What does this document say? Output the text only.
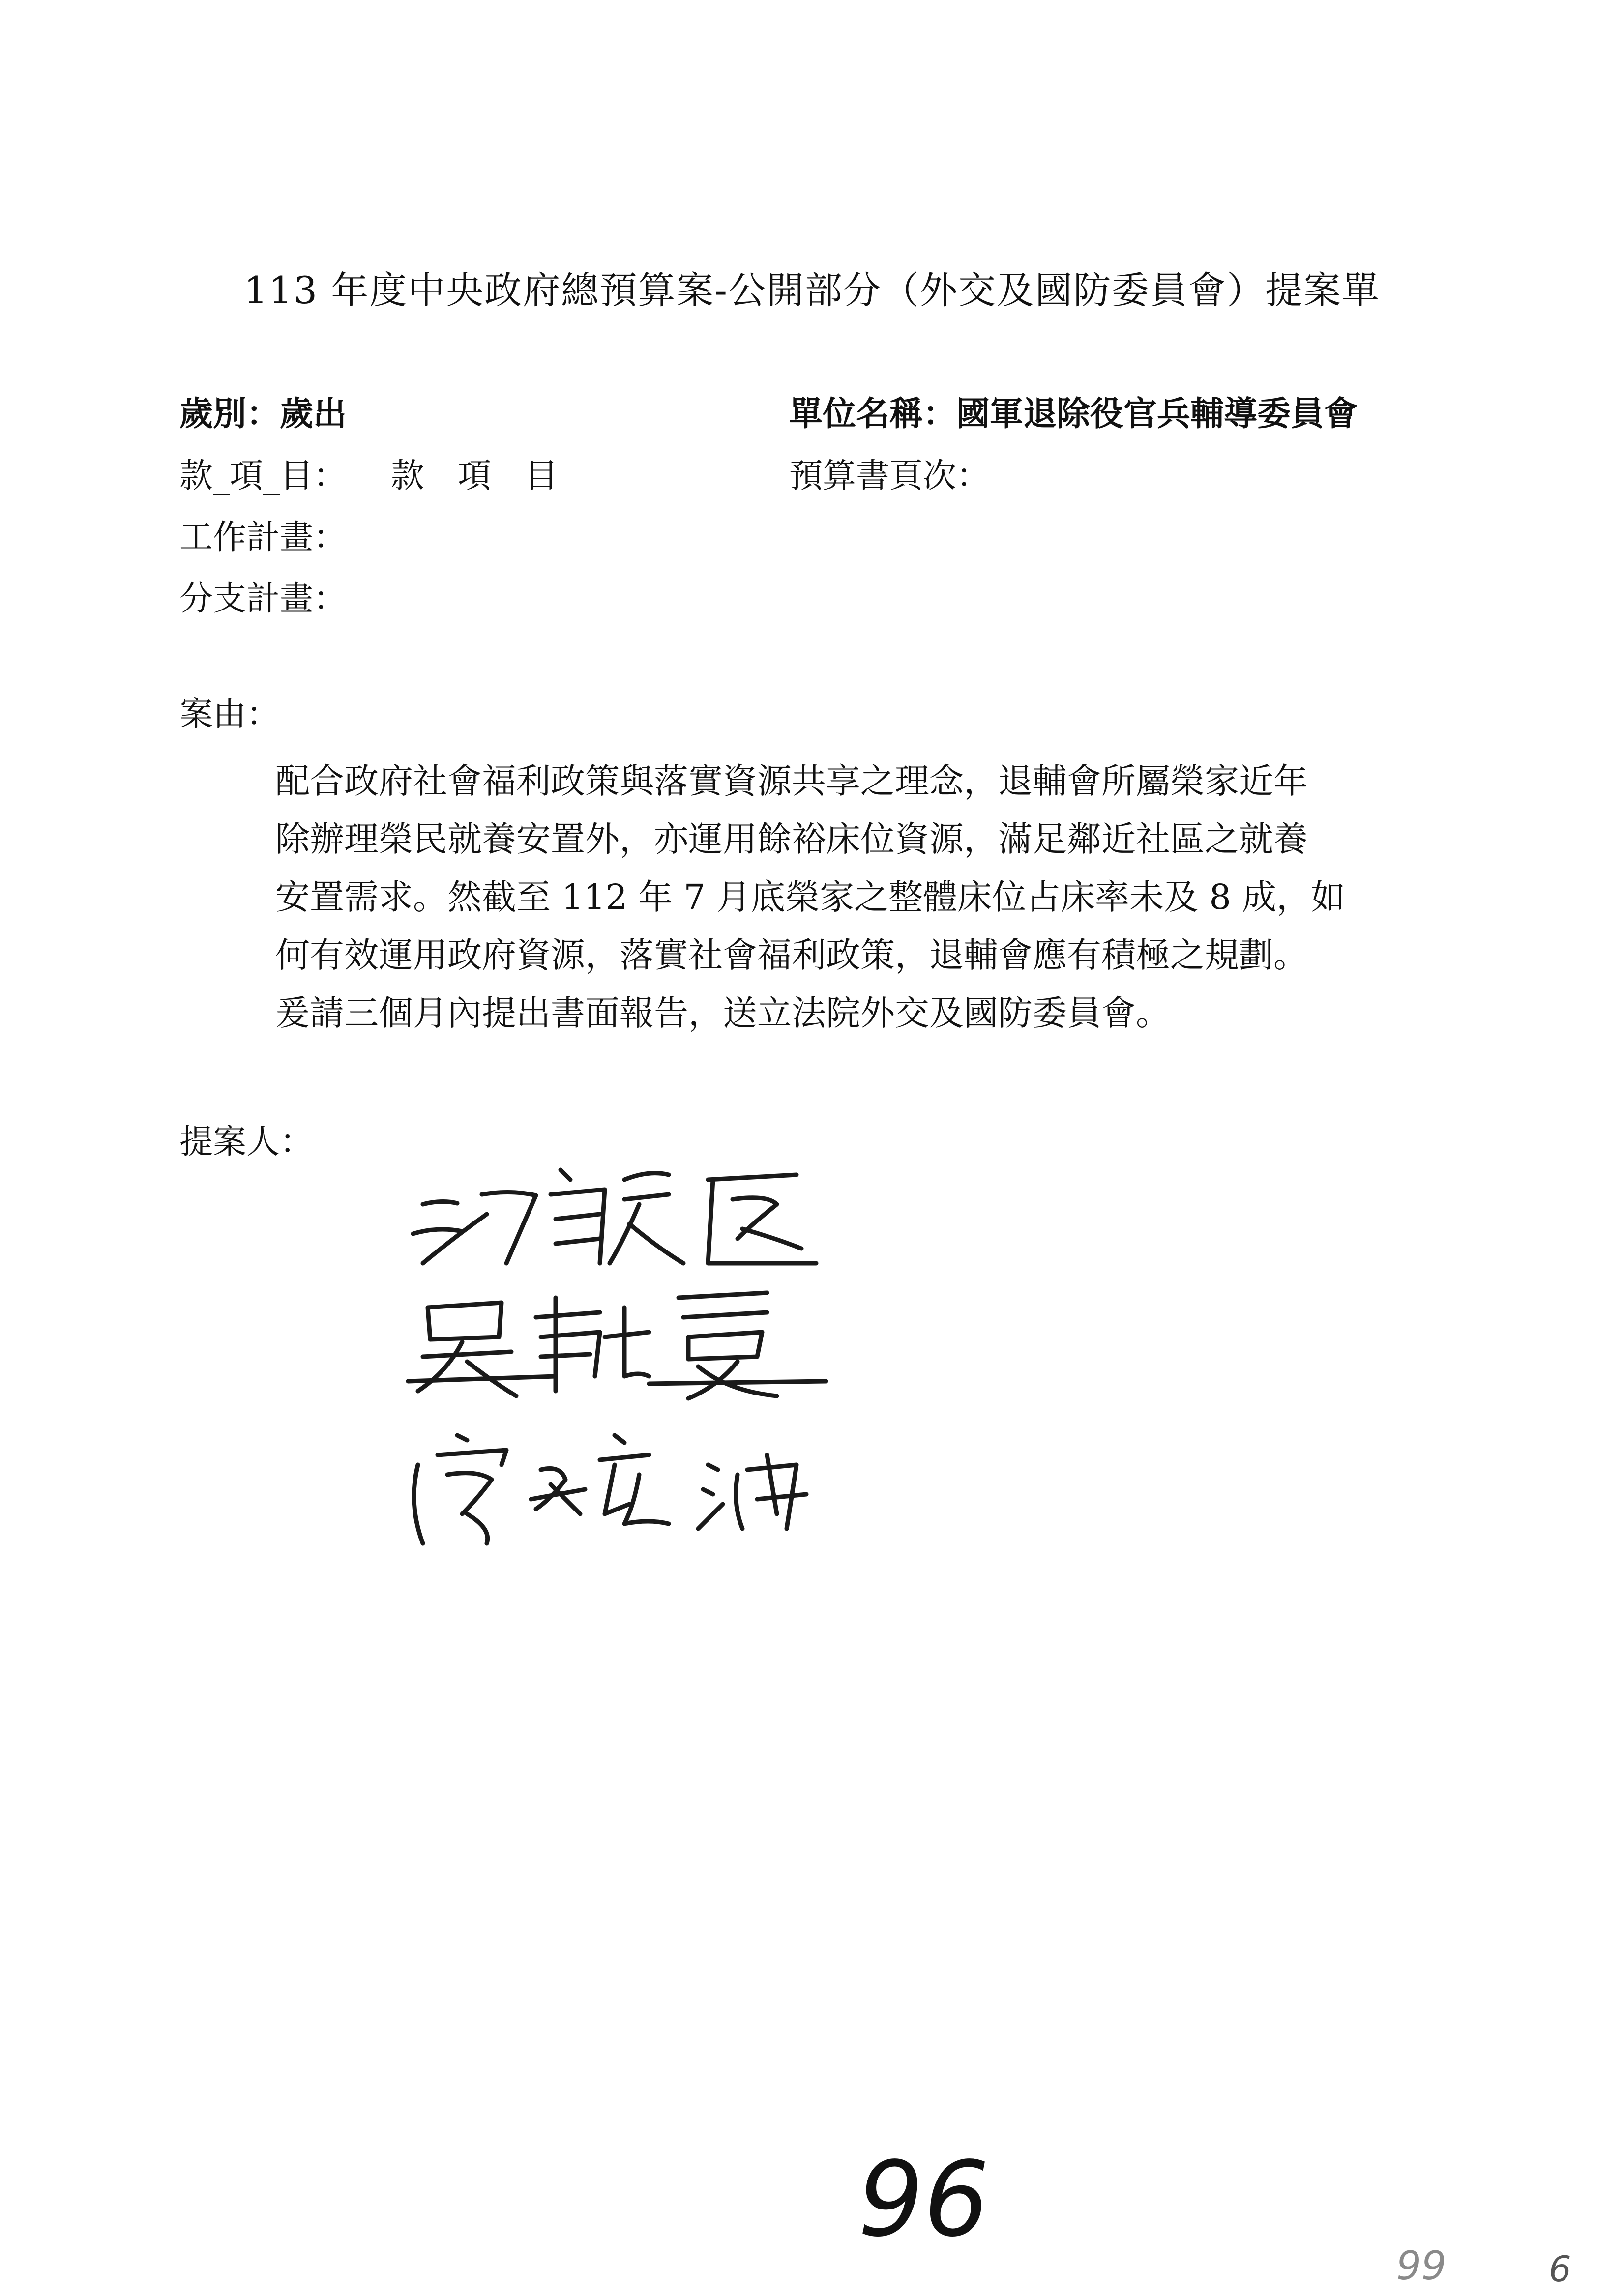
113 年度中央政府總預算案-公開部分（外交及國防委員會）提案單
歲別：歲出	單位名稱：國軍退除役官兵輔導委員會
款_項_目： 款　項　目	預算書頁次：
工作計畫：
分支計畫：
案由：

配合政府社會福利政策與落實資源共享之理念，退輔會所屬榮家近年

除辦理榮民就養安置外，亦運用餘裕床位資源，滿足鄰近社區之就養

安置需求。然截至 112 年 7 月底榮家之整體床位占床率未及 8 成，如

何有效運用政府資源，落實社會福利政策，退輔會應有積極之規劃。

爰請三個月內提出書面報告，送立法院外交及國防委員會。

提案人：
96
99	6
